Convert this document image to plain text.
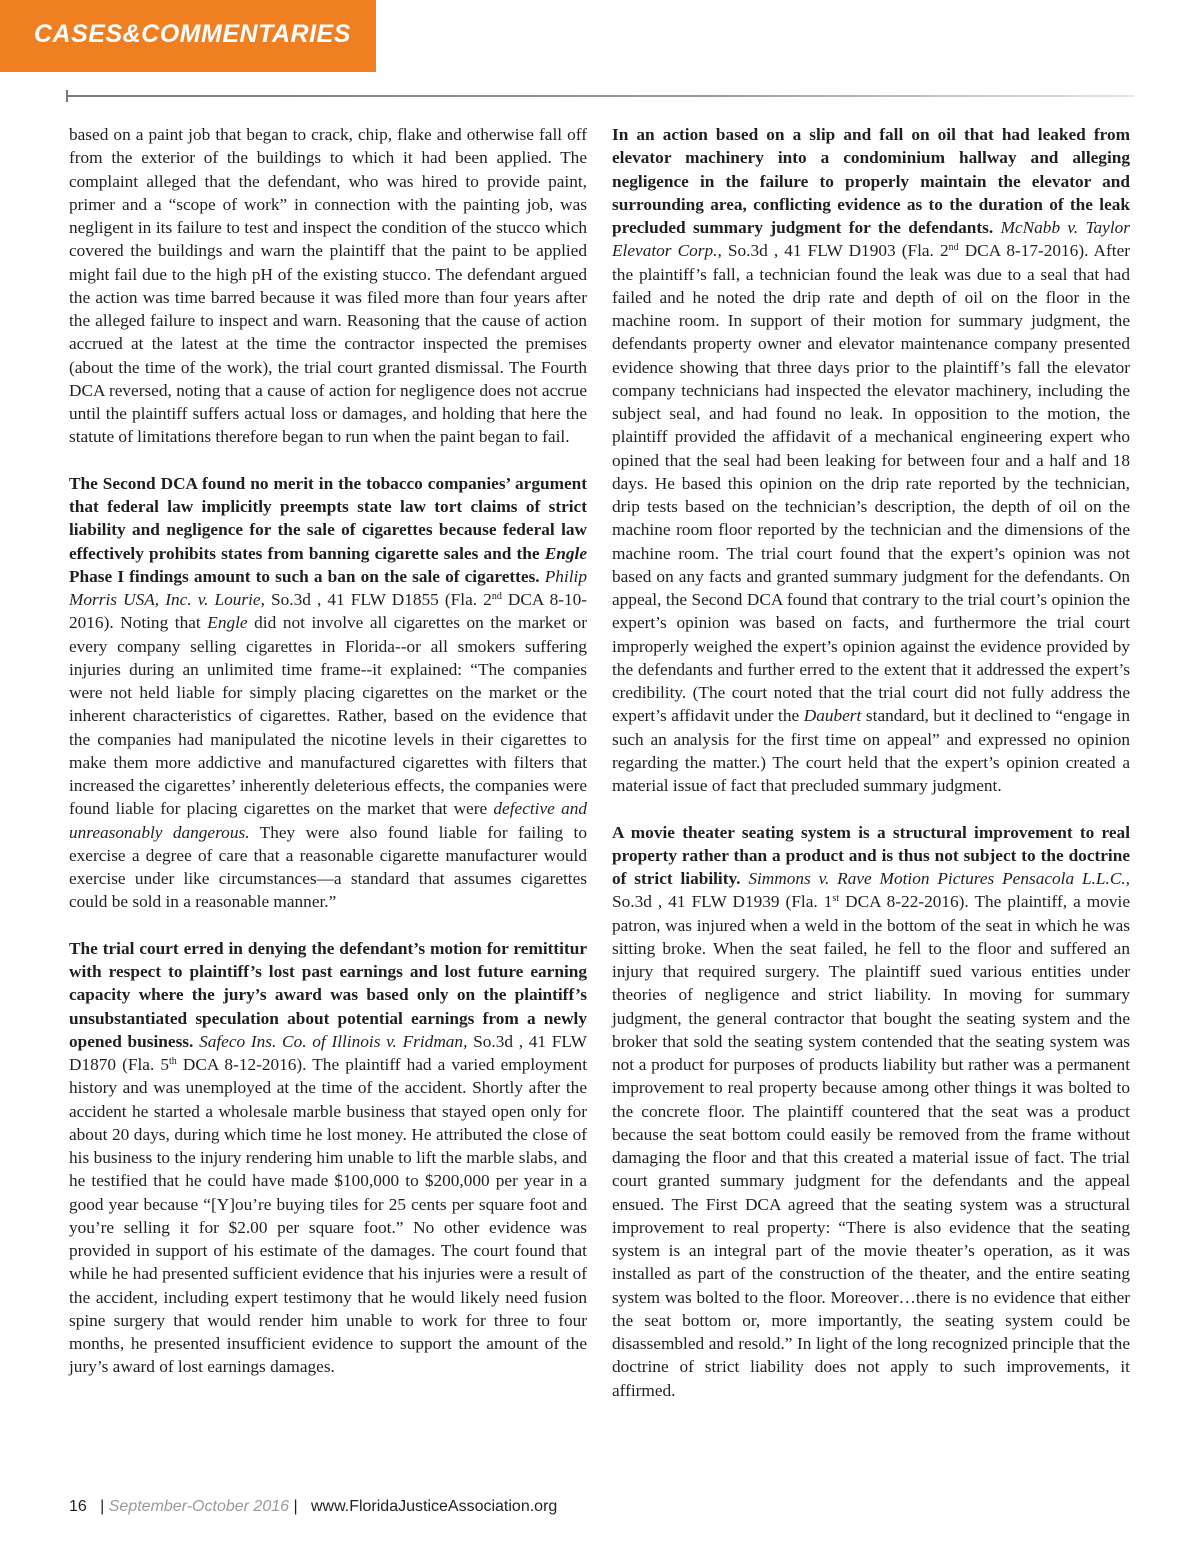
CASES&COMMENTARIES

based on a paint job that began to crack, chip, flake and otherwise fall off from the exterior of the buildings to which it had been applied. The complaint alleged that the defendant, who was hired to provide paint, primer and a “scope of work” in connection with the painting job, was negligent in its failure to test and inspect the condition of the stucco which covered the buildings and warn the plaintiff that the paint to be applied might fail due to the high pH of the existing stucco. The defendant argued the action was time barred because it was filed more than four years after the alleged failure to inspect and warn. Reasoning that the cause of action accrued at the latest at the time the contractor inspected the premises (about the time of the work), the trial court granted dismissal. The Fourth DCA reversed, noting that a cause of action for negligence does not accrue until the plaintiff suffers actual loss or damages, and holding that here the statute of limitations therefore began to run when the paint began to fail.

The Second DCA found no merit in the tobacco companies’ argument that federal law implicitly preempts state law tort claims of strict liability and negligence for the sale of cigarettes because federal law effectively prohibits states from banning cigarette sales and the Engle Phase I findings amount to such a ban on the sale of cigarettes. Philip Morris USA, Inc. v. Lourie, So.3d , 41 FLW D1855 (Fla. 2nd DCA 8-10-2016). Noting that Engle did not involve all cigarettes on the market or every company selling cigarettes in Florida--or all smokers suffering injuries during an unlimited time frame--it explained: “The companies were not held liable for simply placing cigarettes on the market or the inherent characteristics of cigarettes. Rather, based on the evidence that the companies had manipulated the nicotine levels in their cigarettes to make them more addictive and manufactured cigarettes with filters that increased the cigarettes’ inherently deleterious effects, the companies were found liable for placing cigarettes on the market that were defective and unreasonably dangerous. They were also found liable for failing to exercise a degree of care that a reasonable cigarette manufacturer would exercise under like circumstances—a standard that assumes cigarettes could be sold in a reasonable manner.”

The trial court erred in denying the defendant’s motion for remittitur with respect to plaintiff’s lost past earnings and lost future earning capacity where the jury’s award was based only on the plaintiff’s unsubstantiated speculation about potential earnings from a newly opened business. Safeco Ins. Co. of Illinois v. Fridman, So.3d , 41 FLW D1870 (Fla. 5th DCA 8-12-2016). The plaintiff had a varied employment history and was unemployed at the time of the accident. Shortly after the accident he started a wholesale marble business that stayed open only for about 20 days, during which time he lost money. He attributed the close of his business to the injury rendering him unable to lift the marble slabs, and he testified that he could have made $100,000 to $200,000 per year in a good year because “[Y]ou’re buying tiles for 25 cents per square foot and you’re selling it for $2.00 per square foot.” No other evidence was provided in support of his estimate of the damages. The court found that while he had presented sufficient evidence that his injuries were a result of the accident, including expert testimony that he would likely need fusion spine surgery that would render him unable to work for three to four months, he presented insufficient evidence to support the amount of the jury’s award of lost earnings damages.

In an action based on a slip and fall on oil that had leaked from elevator machinery into a condominium hallway and alleging negligence in the failure to properly maintain the elevator and surrounding area, conflicting evidence as to the duration of the leak precluded summary judgment for the defendants. McNabb v. Taylor Elevator Corp., So.3d , 41 FLW D1903 (Fla. 2nd DCA 8-17-2016). After the plaintiff’s fall, a technician found the leak was due to a seal that had failed and he noted the drip rate and depth of oil on the floor in the machine room. In support of their motion for summary judgment, the defendants property owner and elevator maintenance company presented evidence showing that three days prior to the plaintiff’s fall the elevator company technicians had inspected the elevator machinery, including the subject seal, and had found no leak. In opposition to the motion, the plaintiff provided the affidavit of a mechanical engineering expert who opined that the seal had been leaking for between four and a half and 18 days. He based this opinion on the drip rate reported by the technician, drip tests based on the technician’s description, the depth of oil on the machine room floor reported by the technician and the dimensions of the machine room. The trial court found that the expert’s opinion was not based on any facts and granted summary judgment for the defendants. On appeal, the Second DCA found that contrary to the trial court’s opinion the expert’s opinion was based on facts, and furthermore the trial court improperly weighed the expert’s opinion against the evidence provided by the defendants and further erred to the extent that it addressed the expert’s credibility. (The court noted that the trial court did not fully address the expert’s affidavit under the Daubert standard, but it declined to “engage in such an analysis for the first time on appeal” and expressed no opinion regarding the matter.) The court held that the expert’s opinion created a material issue of fact that precluded summary judgment.

A movie theater seating system is a structural improvement to real property rather than a product and is thus not subject to the doctrine of strict liability. Simmons v. Rave Motion Pictures Pensacola L.L.C., So.3d , 41 FLW D1939 (Fla. 1st DCA 8-22-2016). The plaintiff, a movie patron, was injured when a weld in the bottom of the seat in which he was sitting broke. When the seat failed, he fell to the floor and suffered an injury that required surgery. The plaintiff sued various entities under theories of negligence and strict liability. In moving for summary judgment, the general contractor that bought the seating system and the broker that sold the seating system contended that the seating system was not a product for purposes of products liability but rather was a permanent improvement to real property because among other things it was bolted to the concrete floor. The plaintiff countered that the seat was a product because the seat bottom could easily be removed from the frame without damaging the floor and that this created a material issue of fact. The trial court granted summary judgment for the defendants and the appeal ensued. The First DCA agreed that the seating system was a structural improvement to real property: “There is also evidence that the seating system is an integral part of the movie theater’s operation, as it was installed as part of the construction of the theater, and the entire seating system was bolted to the floor. Moreover…there is no evidence that either the seat bottom or, more importantly, the seating system could be disassembled and resold.” In light of the long recognized principle that the doctrine of strict liability does not apply to such improvements, it affirmed.

16 | September-October 2016 | www.FloridaJusticeAssociation.org
